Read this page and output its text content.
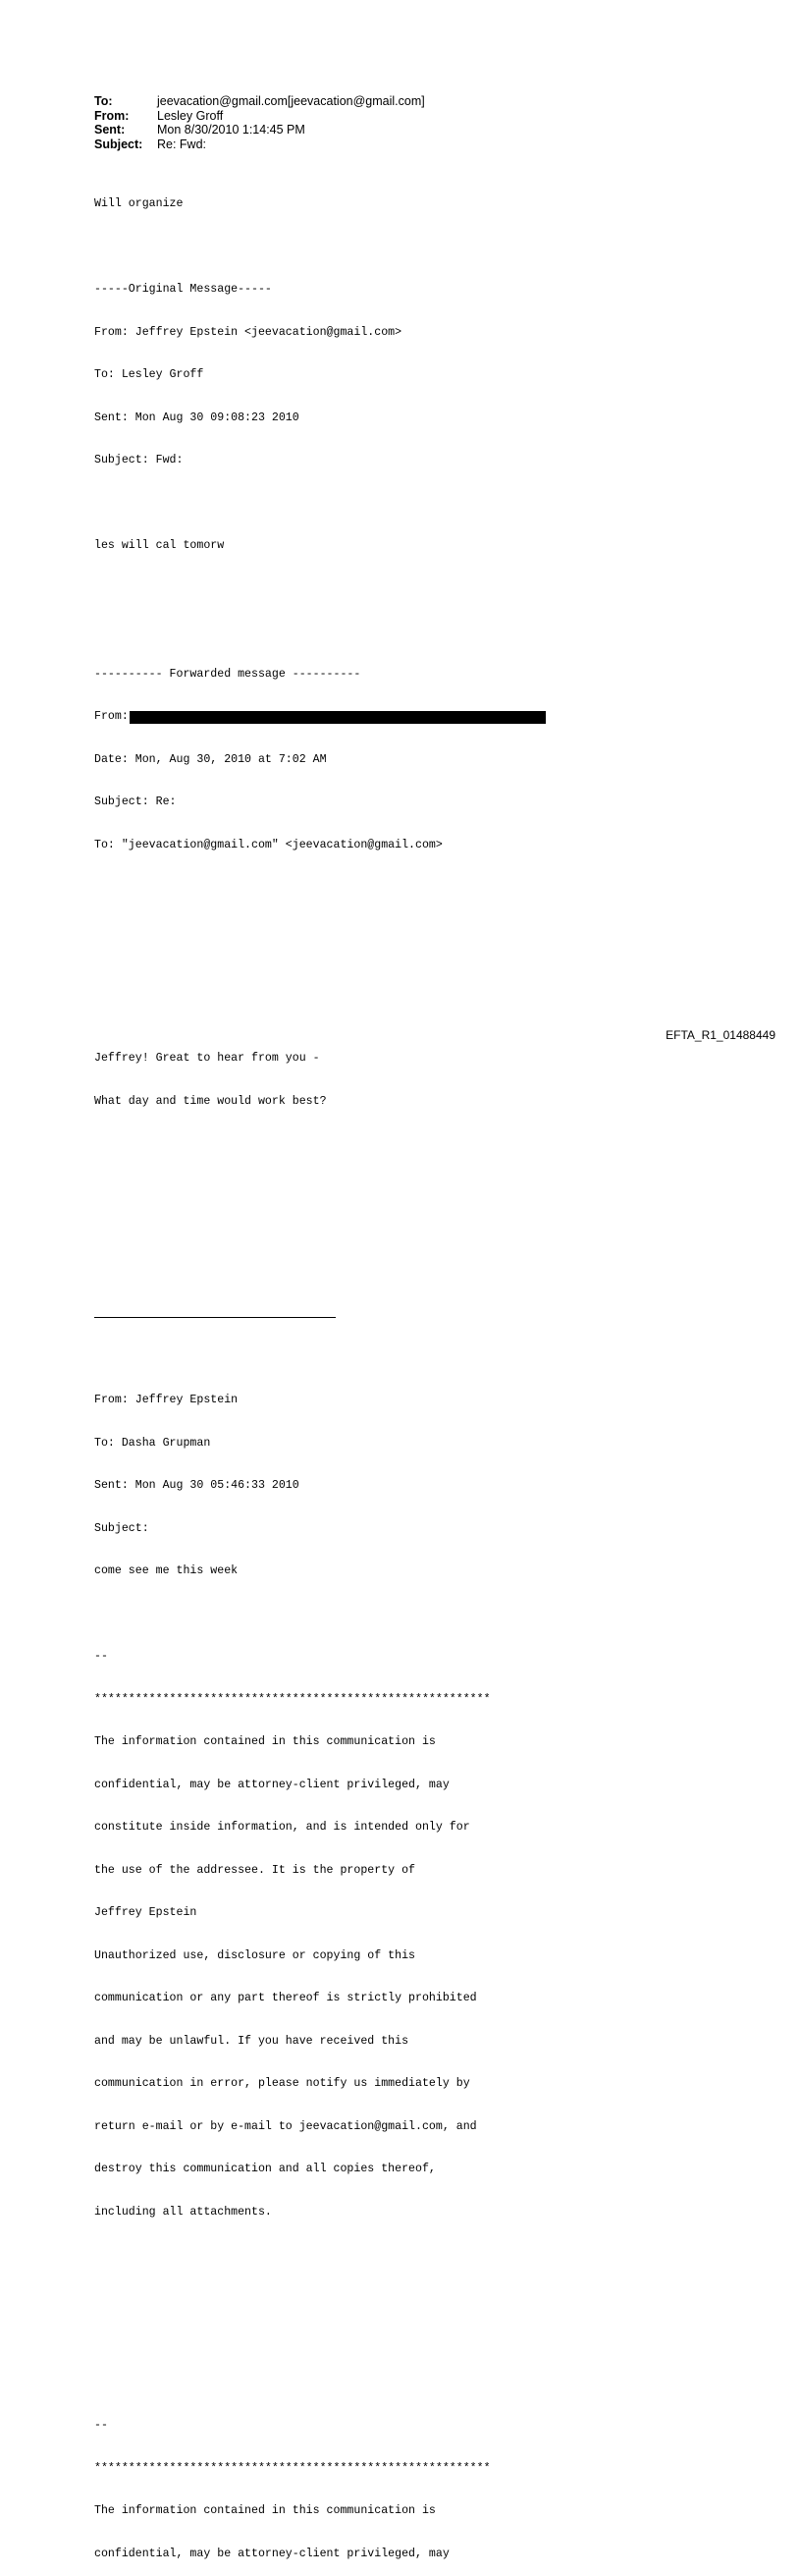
To:	jeevacation@gmail.com[jeevacation@gmail.com]
From:	Lesley Groff
Sent:	Mon 8/30/2010 1:14:45 PM
Subject:	Re: Fwd:

Will organize

-----Original Message-----

From: Jeffrey Epstein <jeevacation@gmail.com>

To: Lesley Groff

Sent: Mon Aug 30 09:08:23 2010

Subject: Fwd:

les will cal tomorw

---------- Forwarded message ----------

From:

Date: Mon, Aug 30, 2010 at 7:02 AM

Subject: Re:

To: "jeevacation@gmail.com" <jeevacation@gmail.com>

Jeffrey! Great to hear from you -

What day and time would work best?

From: Jeffrey Epstein

To: Dasha Grupman

Sent: Mon Aug 30 05:46:33 2010

Subject:

come see me this week

--

**********************************************************

The information contained in this communication is

confidential, may be attorney-client privileged, may

constitute inside information, and is intended only for

the use of the addressee. It is the property of

Jeffrey Epstein

Unauthorized use, disclosure or copying of this

communication or any part thereof is strictly prohibited

and may be unlawful. If you have received this

communication in error, please notify us immediately by

return e-mail or by e-mail to jeevacation@gmail.com, and

destroy this communication and all copies thereof,

including all attachments.

--

**********************************************************

The information contained in this communication is

confidential, may be attorney-client privileged, may

EFTA_R1_01488449
